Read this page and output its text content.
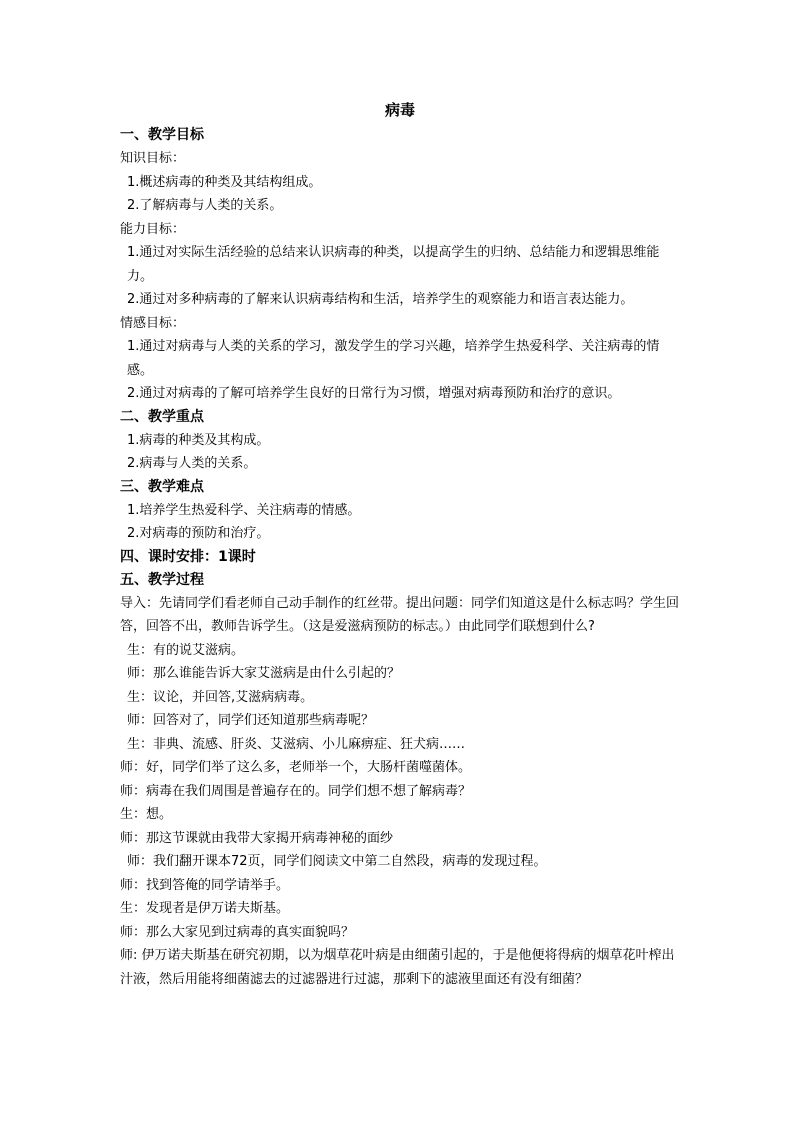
病毒
一、教学目标

知识目标：

1.概述病毒的种类及其结构组成。

2.了解病毒与人类的关系。

能力目标：

1.通过对实际生活经验的总结来认识病毒的种类，以提高学生的归纳、总结能力和逻辑思维能力。

2.通过对多种病毒的了解来认识病毒结构和生活，培养学生的观察能力和语言表达能力。

情感目标：

1.通过对病毒与人类的关系的学习，激发学生的学习兴趣，培养学生热爱科学、关注病毒的情感。

2.通过对病毒的了解可培养学生良好的日常行为习惯，增强对病毒预防和治疗的意识。

二、教学重点

1.病毒的种类及其构成。

2.病毒与人类的关系。

三、教学难点

1.培养学生热爱科学、关注病毒的情感。

2.对病毒的预防和治疗。

四、课时安排：1课时
五、教学过程

导入：先请同学们看老师自己动手制作的红丝带。提出问题：同学们知道这是什么标志吗？学生回答，回答不出，教师告诉学生。（这是爱滋病预防的标志。）由此同学们联想到什么?

生：有的说艾滋病。

师：那么谁能告诉大家艾滋病是由什么引起的？

生：议论，并回答,艾滋病病毒。

师：回答对了，同学们还知道那些病毒呢？

生：非典、流感、肝炎、艾滋病、小儿麻痹症、狂犬病……

师：好，同学们举了这么多，老师举一个，大肠杆菌噬菌体。

师：病毒在我们周围是普遍存在的。同学们想不想了解病毒？

生：想。

师：那这节课就由我带大家揭开病毒神秘的面纱

师：我们翻开课本72页，同学们阅读文中第二自然段，病毒的发现过程。

师：找到答俺的同学请举手。

生：发现者是伊万诺夫斯基。

师：那么大家见到过病毒的真实面貌吗？

师: 伊万诺夫斯基在研究初期，以为烟草花叶病是由细菌引起的，于是他便将得病的烟草花叶榨出汁液，然后用能将细菌滤去的过滤器进行过滤，那剩下的滤液里面还有没有细菌？
